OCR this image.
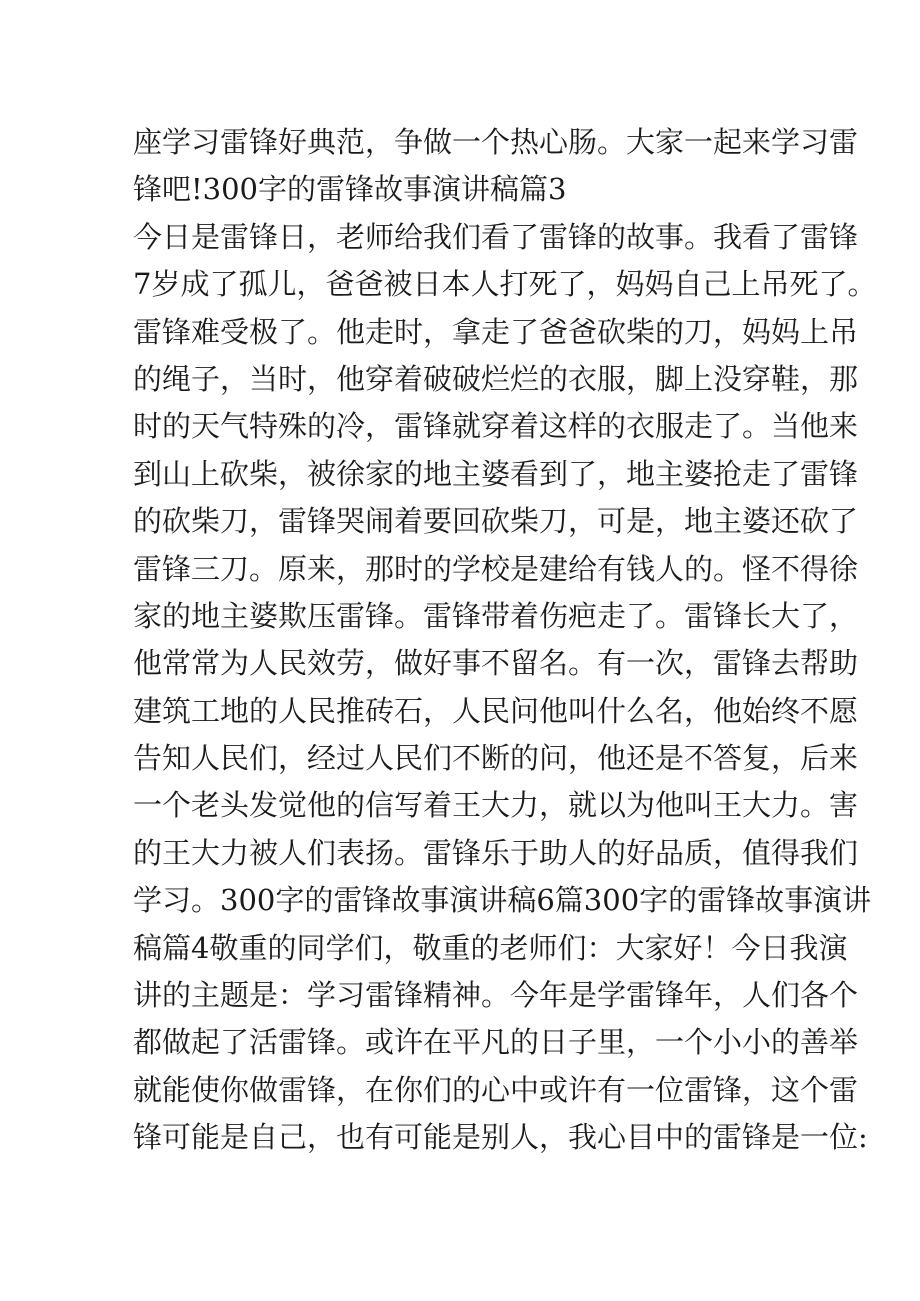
座学习雷锋好典范，争做一个热心肠。大家一起来学习雷
锋吧!300字的雷锋故事演讲稿篇3
今日是雷锋日，老师给我们看了雷锋的故事。我看了雷锋
7岁成了孤儿，爸爸被日本人打死了，妈妈自己上吊死了。
雷锋难受极了。他走时，拿走了爸爸砍柴的刀，妈妈上吊
的绳子，当时，他穿着破破烂烂的衣服，脚上没穿鞋，那
时的天气特殊的冷，雷锋就穿着这样的衣服走了。当他来
到山上砍柴，被徐家的地主婆看到了，地主婆抢走了雷锋
的砍柴刀，雷锋哭闹着要回砍柴刀，可是，地主婆还砍了
雷锋三刀。原来，那时的学校是建给有钱人的。怪不得徐
家的地主婆欺压雷锋。雷锋带着伤疤走了。雷锋长大了，
他常常为人民效劳，做好事不留名。有一次，雷锋去帮助
建筑工地的人民推砖石，人民问他叫什么名，他始终不愿
告知人民们，经过人民们不断的问，他还是不答复，后来
一个老头发觉他的信写着王大力，就以为他叫王大力。害
的王大力被人们表扬。雷锋乐于助人的好品质，值得我们
学习。300字的雷锋故事演讲稿6篇300字的雷锋故事演讲
稿篇4敬重的同学们，敬重的老师们：大家好！今日我演
讲的主题是：学习雷锋精神。今年是学雷锋年，人们各个
都做起了活雷锋。或许在平凡的日子里，一个小小的善举
就能使你做雷锋，在你们的心中或许有一位雷锋，这个雷
锋可能是自己，也有可能是别人，我心目中的雷锋是一位:
